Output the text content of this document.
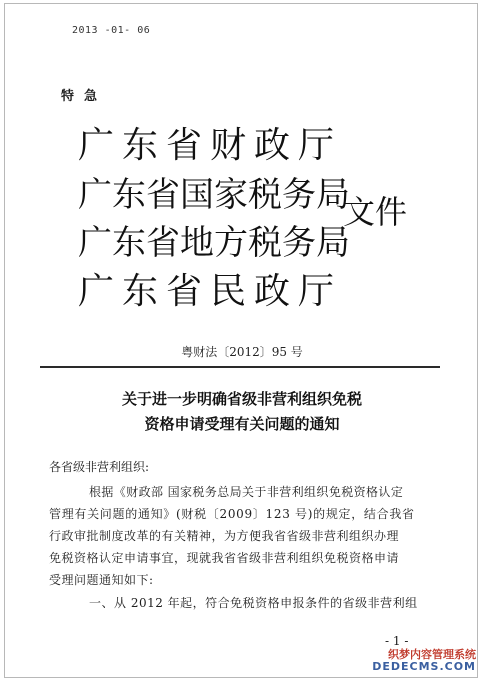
2013 -01- 06
特急
广东省财政厅
广东省国家税务局
广东省地方税务局
广东省民政厅
文件
粤财法〔2012〕95 号
关于进一步明确省级非营利组织免税
资格申请受理有关问题的通知
各省级非营利组织:
根据《财政部 国家税务总局关于非营利组织免税资格认定
管理有关问题的通知》(财税〔2009〕123 号)的规定，结合我省
行政审批制度改革的有关精神，为方便我省省级非营利组织办理
免税资格认定申请事宜，现就我省省级非营利组织免税资格申请
受理问题通知如下:
一、从 2012 年起，符合免税资格申报条件的省级非营利组
- 1 -
织梦内容管理系统
DEDECMS.COM
